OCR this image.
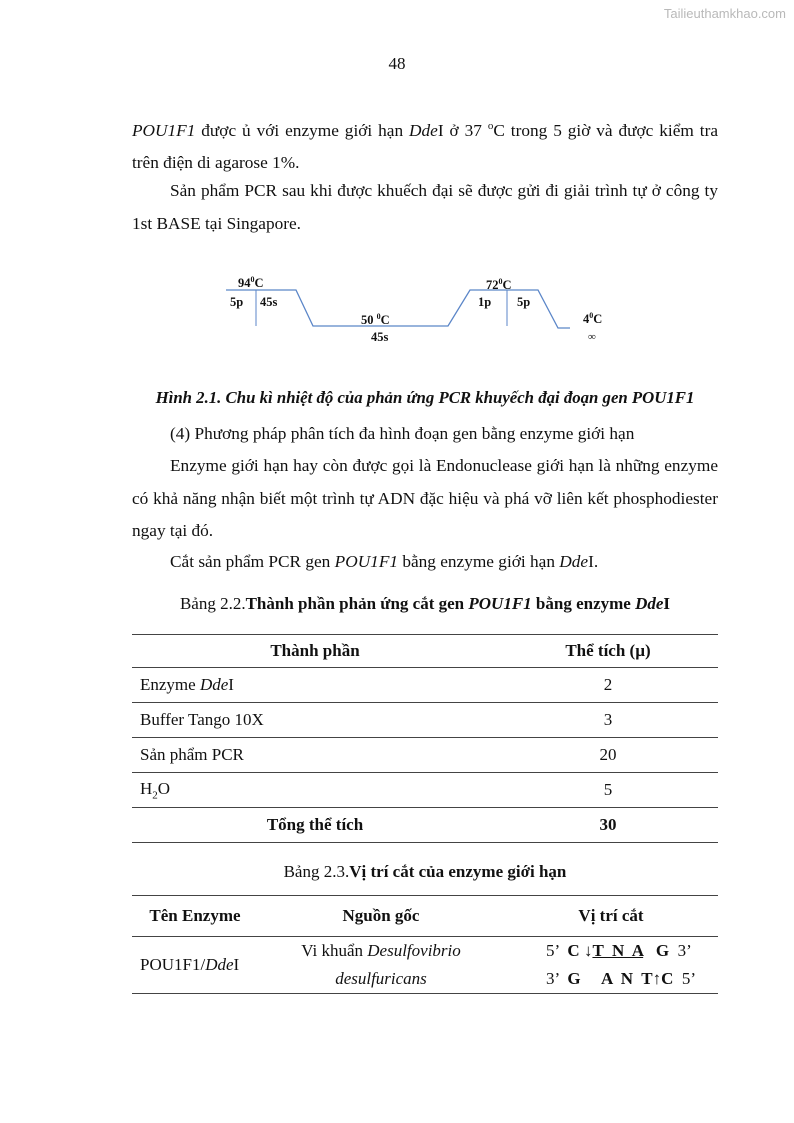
Tailieuthamkhao.com
48
POU1F1 được ủ với enzyme giới hạn DdeI ở 37 $^o$C trong 5 giờ và được kiểm tra trên điện di agarose 1%.
Sản phẩm PCR sau khi được khuếch đại sẽ được gửi đi giải trình tự ở công ty 1st BASE tại Singapore.
$94^0C$
5p 45s
50 $^0$C
45s
$72^0C$
1p 5p
$4^0C$
∞
Hình 2.1. Chu kì nhiệt độ của phản ứng PCR khuyếch đại đoạn gen POU1F1
(4) Phương pháp phân tích đa hình đoạn gen bằng enzyme giới hạn
Enzyme giới hạn hay còn được gọi là Endonuclease giới hạn là những enzyme có khả năng nhận biết một trình tự ADN đặc hiệu và phá vỡ liên kết phosphodiester ngay tại đó.
Cắt sản phẩm PCR gen POU1F1 bằng enzyme giới hạn DdeI.
Bảng 2.2.Thành phần phản ứng cắt gen POU1F1 bằng enzyme DdeI
Thành phần	Thể tích (µ)
Enzyme DdeI	2
Buffer Tango 10X	3
Sản phẩm PCR	20
$H_2O$	5
Tổng thể tích	30
Bảng 2.3.Vị trí cắt của enzyme giới hạn
Tên Enzyme	Nguồn gốc	Vị trí cắt
POU1F1/DdeI	Vi khuẩn Desulfovibrio desulfuricans	5’  C ↓T  N  A   G  3’
3’  G A  N  T↑C  5’
